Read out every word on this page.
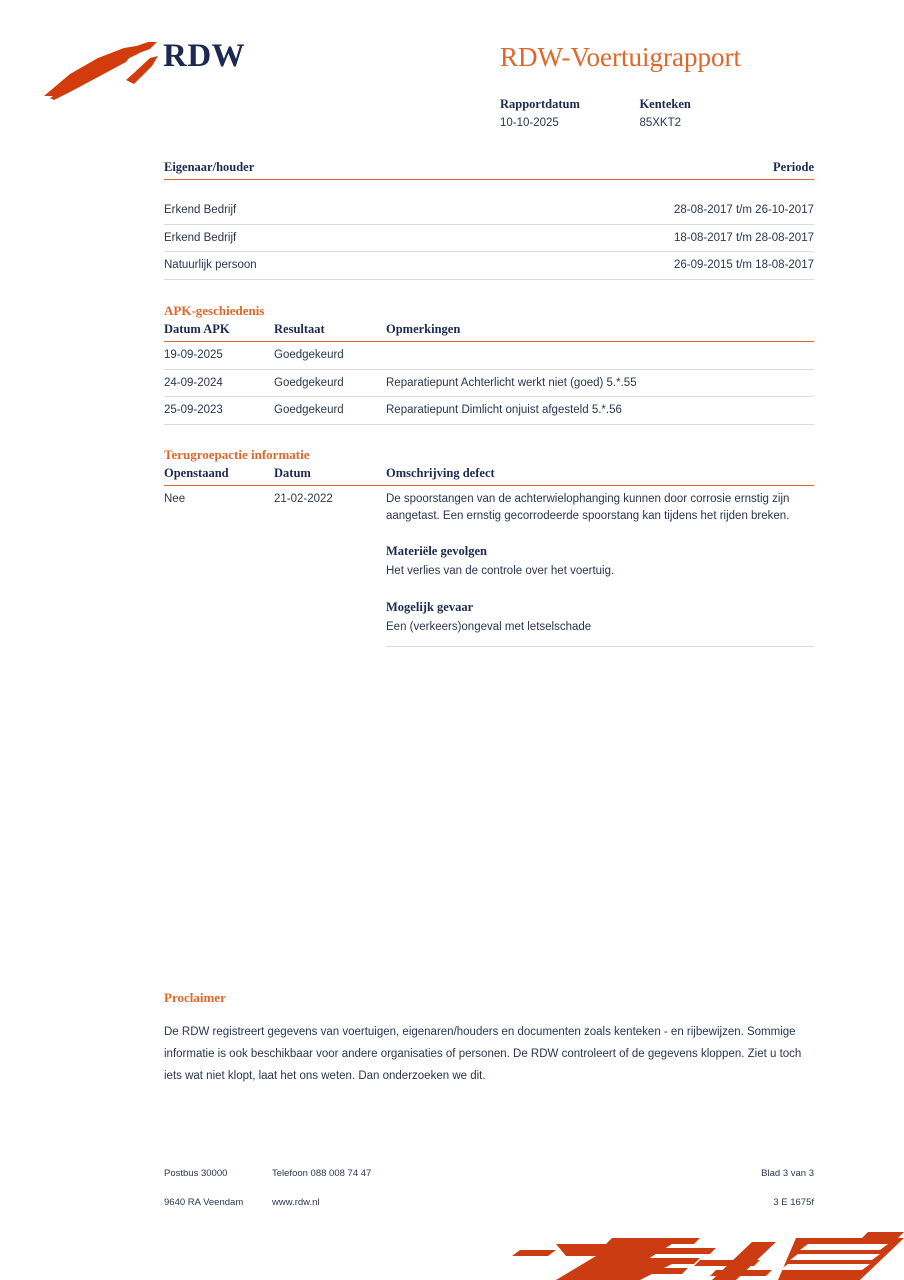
RDW	RDW-Voertuigrapport
Rapportdatum
10-10-2025

Kenteken
85XKT2
Eigenaar/houder	Periode
Erkend Bedrijf	28-08-2017 t/m 26-10-2017
Erkend Bedrijf	18-08-2017 t/m 28-08-2017
Natuurlijk persoon	26-09-2015 t/m 18-08-2017
APK-geschiedenis
Datum APK	Resultaat	Opmerkingen
19-09-2025	Goedgekeurd
24-09-2024	Goedgekeurd	Reparatiepunt Achterlicht werkt niet (goed) 5.*.55
25-09-2023	Goedgekeurd	Reparatiepunt Dimlicht onjuist afgesteld 5.*.56
Terugroepactie informatie
Openstaand	Datum	Omschrijving defect
Nee	21-02-2022	De spoorstangen van de achterwielophanging kunnen door corrosie ernstig zijn aangetast. Een ernstig gecorrodeerde spoorstang kan tijdens het rijden breken.
Materiële gevolgen
Het verlies van de controle over het voertuig.
Mogelijk gevaar
Een (verkeers)ongeval met letselschade
Proclaimer

De RDW registreert gegevens van voertuigen, eigenaren/houders en documenten zoals kenteken - en rijbewijzen. Sommige informatie is ook beschikbaar voor andere organisaties of personen. De RDW controleert of de gegevens kloppen. Ziet u toch iets wat niet klopt, laat het ons weten. Dan onderzoeken we dit.

Postbus 30000	Telefoon 088 008 74 47	Blad 3 van 3
9640 RA Veendam	www.rdw.nl	3 E 1675f
